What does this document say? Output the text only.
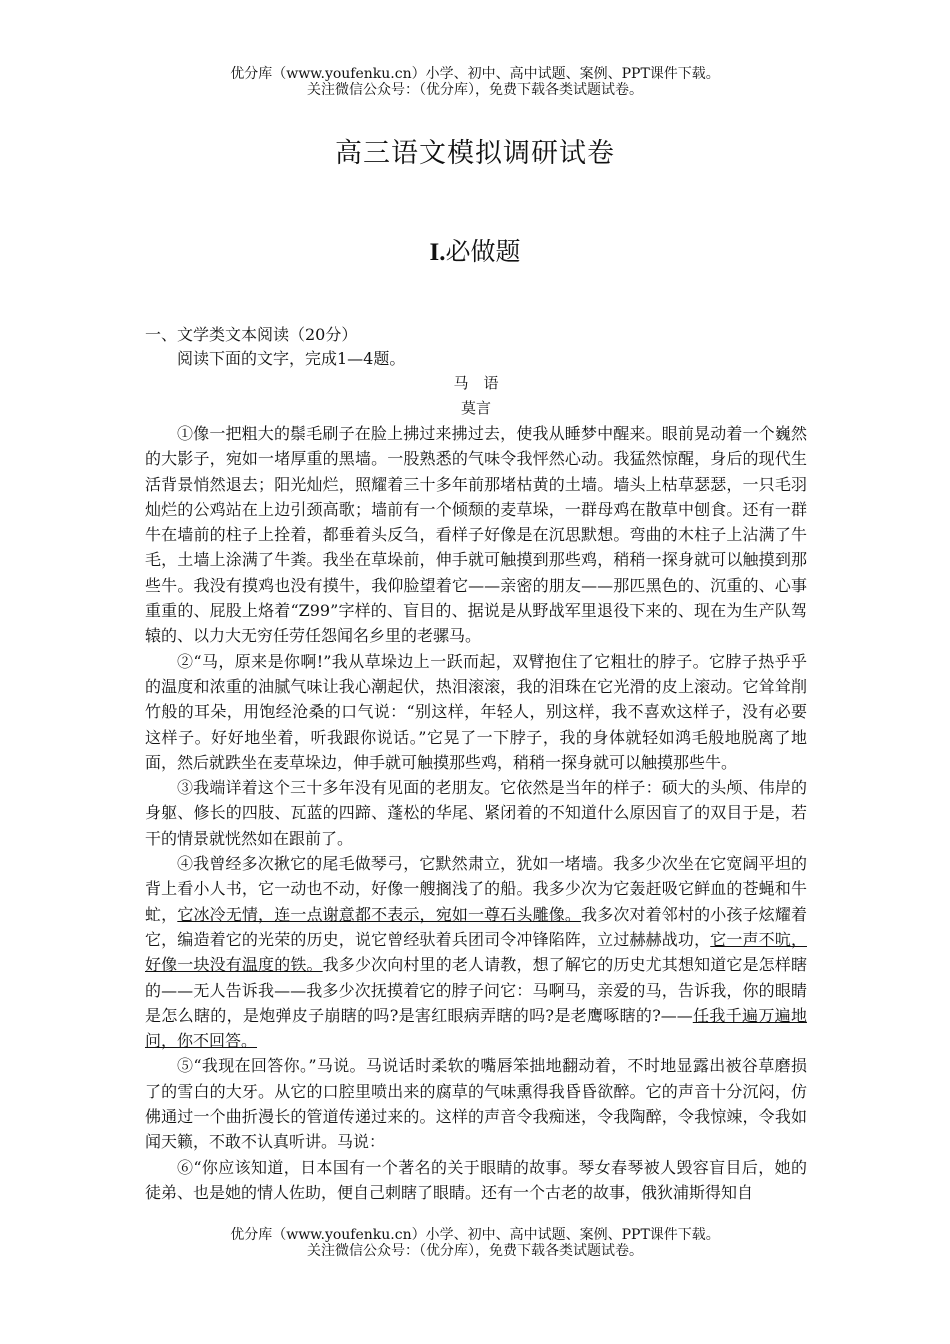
优分库（www.youfenku.cn）小学、初中、高中试题、案例、PPT课件下载。
关注微信公众号：（优分库），免费下载各类试题试卷。
高三语文模拟调研试卷
I.必做题
一、文学类文本阅读（20分）
阅读下面的文字，完成1—4题。
马　语
莫言

①像一把粗大的鬃毛刷子在脸上拂过来拂过去，使我从睡梦中醒来。眼前晃动着一个巍然的大影子，宛如一堵厚重的黑墙。一股熟悉的气味令我怦然心动。我猛然惊醒，身后的现代生活背景悄然退去；阳光灿烂，照耀着三十多年前那堵枯黄的土墙。墙头上枯草瑟瑟，一只毛羽灿烂的公鸡站在上边引颈高歌；墙前有一个倾颓的麦草垛，一群母鸡在散草中刨食。还有一群牛在墙前的柱子上拴着，都垂着头反刍，看样子好像是在沉思默想。弯曲的木柱子上沾满了牛毛，土墙上涂满了牛粪。我坐在草垛前，伸手就可触摸到那些鸡，稍稍一探身就可以触摸到那些牛。我没有摸鸡也没有摸牛，我仰脸望着它——亲密的朋友——那匹黑色的、沉重的、心事重重的、屁股上烙着“Z99”字样的、盲目的、据说是从野战军里退役下来的、现在为生产队驾辕的、以力大无穷任劳任怨闻名乡里的老骡马。

②“马，原来是你啊!”我从草垛边上一跃而起，双臂抱住了它粗壮的脖子。它脖子热乎乎的温度和浓重的油腻气味让我心潮起伏，热泪滚滚，我的泪珠在它光滑的皮上滚动。它耸耸削竹般的耳朵，用饱经沧桑的口气说：“别这样，年轻人，别这样，我不喜欢这样子，没有必要这样子。好好地坐着，听我跟你说话。”它晃了一下脖子，我的身体就轻如鸿毛般地脱离了地面，然后就跌坐在麦草垛边，伸手就可触摸那些鸡，稍稍一探身就可以触摸那些牛。

③我端详着这个三十多年没有见面的老朋友。它依然是当年的样子：硕大的头颅、伟岸的身躯、修长的四肢、瓦蓝的四蹄、蓬松的华尾、紧闭着的不知道什么原因盲了的双目于是，若干的情景就恍然如在跟前了。

④我曾经多次揪它的尾毛做琴弓，它默然肃立，犹如一堵墙。我多少次坐在它宽阔平坦的背上看小人书，它一动也不动，好像一艘搁浅了的船。我多少次为它轰赶吸它鲜血的苍蝇和牛虻，它冰冷无情，连一点谢意都不表示，宛如一尊石头雕像。我多次对着邻村的小孩子炫耀着它，编造着它的光荣的历史，说它曾经驮着兵团司令冲锋陷阵，立过赫赫战功，它一声不吭，好像一块没有温度的铁。我多少次向村里的老人请教，想了解它的历史尤其想知道它是怎样瞎的——无人告诉我——我多少次抚摸着它的脖子问它：马啊马，亲爱的马，告诉我，你的眼睛是怎么瞎的，是炮弹皮子崩瞎的吗?是害红眼病弄瞎的吗?是老鹰啄瞎的?——任我千遍万遍地问，你不回答。

⑤“我现在回答你。”马说。马说话时柔软的嘴唇笨拙地翻动着，不时地显露出被谷草磨损了的雪白的大牙。从它的口腔里喷出来的腐草的气味熏得我昏昏欲醉。它的声音十分沉闷，仿佛通过一个曲折漫长的管道传递过来的。这样的声音令我痴迷，令我陶醉，令我惊竦，令我如闻天籁，不敢不认真听讲。马说：

⑥“你应该知道，日本国有一个著名的关于眼睛的故事。琴女春琴被人毁容盲目后，她的徒弟、也是她的情人佐助，便自己刺瞎了眼睛。还有一个古老的故事，俄狄浦斯得知自

优分库（www.youfenku.cn）小学、初中、高中试题、案例、PPT课件下载。
关注微信公众号：（优分库），免费下载各类试题试卷。
